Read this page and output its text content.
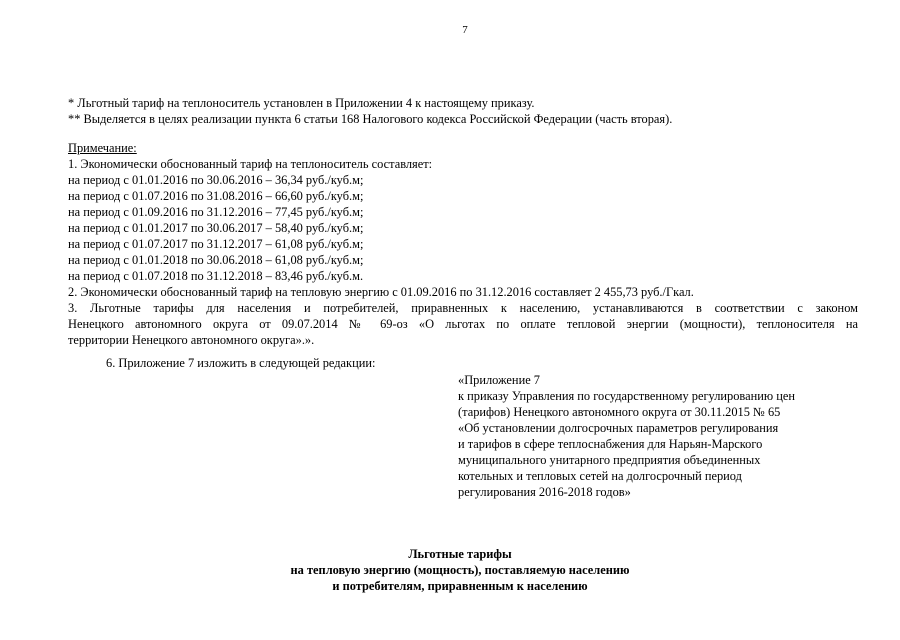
7
* Льготный тариф на теплоноситель установлен в Приложении 4 к настоящему приказу.
** Выделяется в целях реализации пункта 6 статьи 168 Налогового кодекса Российской Федерации (часть вторая).
Примечание:
1. Экономически обоснованный тариф на теплоноситель составляет:
на период с 01.01.2016 по 30.06.2016 – 36,34 руб./куб.м;
на период с 01.07.2016 по 31.08.2016 – 66,60 руб./куб.м;
на период с 01.09.2016 по 31.12.2016 – 77,45 руб./куб.м;
на период с 01.01.2017 по 30.06.2017 – 58,40 руб./куб.м;
на период с 01.07.2017 по 31.12.2017 – 61,08 руб./куб.м;
на период с 01.01.2018 по 30.06.2018 – 61,08 руб./куб.м;
на период с 01.07.2018 по 31.12.2018 – 83,46 руб./куб.м.
2. Экономически обоснованный тариф на тепловую энергию с 01.09.2016 по 31.12.2016 составляет 2 455,73 руб./Гкал.
3. Льготные тарифы для населения и потребителей, приравненных к населению, устанавливаются в соответствии с законом
Ненецкого автономного округа от 09.07.2014 № 69-оз «О льготах по оплате тепловой энергии (мощности), теплоносителя на
территории Ненецкого автономного округа».».
6. Приложение 7 изложить в следующей редакции:
«Приложение 7
к приказу Управления по государственному регулированию цен
(тарифов) Ненецкого автономного округа от 30.11.2015 № 65
«Об установлении долгосрочных параметров регулирования
и тарифов в сфере теплоснабжения для Нарьян-Марского
муниципального унитарного предприятия объединенных
котельных и тепловых сетей на долгосрочный период
регулирования 2016-2018 годов»
Льготные тарифы
на тепловую энергию (мощность), поставляемую населению
и потребителям, приравненным к населению
